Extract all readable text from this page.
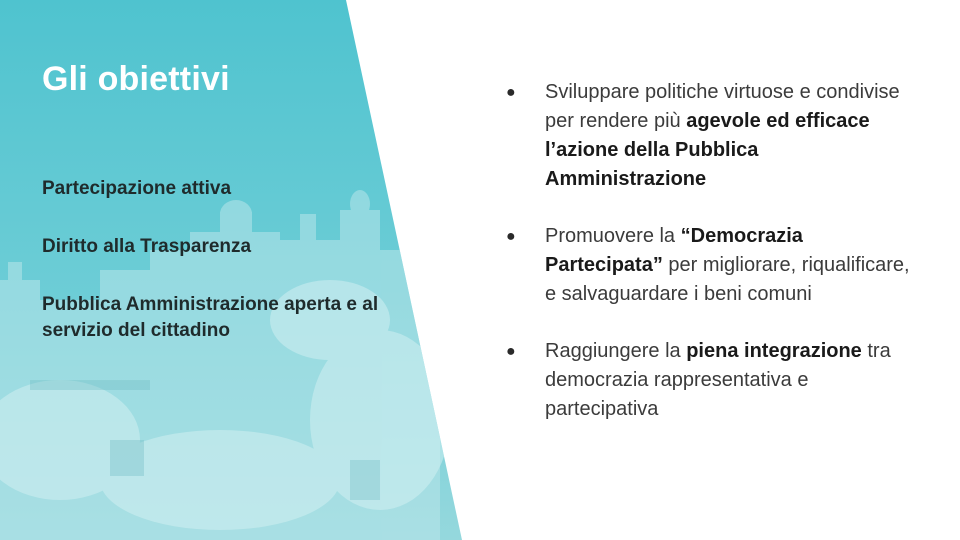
Gli obiettivi
Partecipazione attiva
Diritto alla Trasparenza
Pubblica Amministrazione aperta e al servizio del cittadino
● Sviluppare politiche virtuose e condivise per rendere più agevole ed efficace l’azione della Pubblica Amministrazione
● Promuovere la “Democrazia Partecipata” per migliorare, riqualificare, e salvaguardare i beni comuni
● Raggiungere la piena integrazione tra democrazia rappresentativa e partecipativa
